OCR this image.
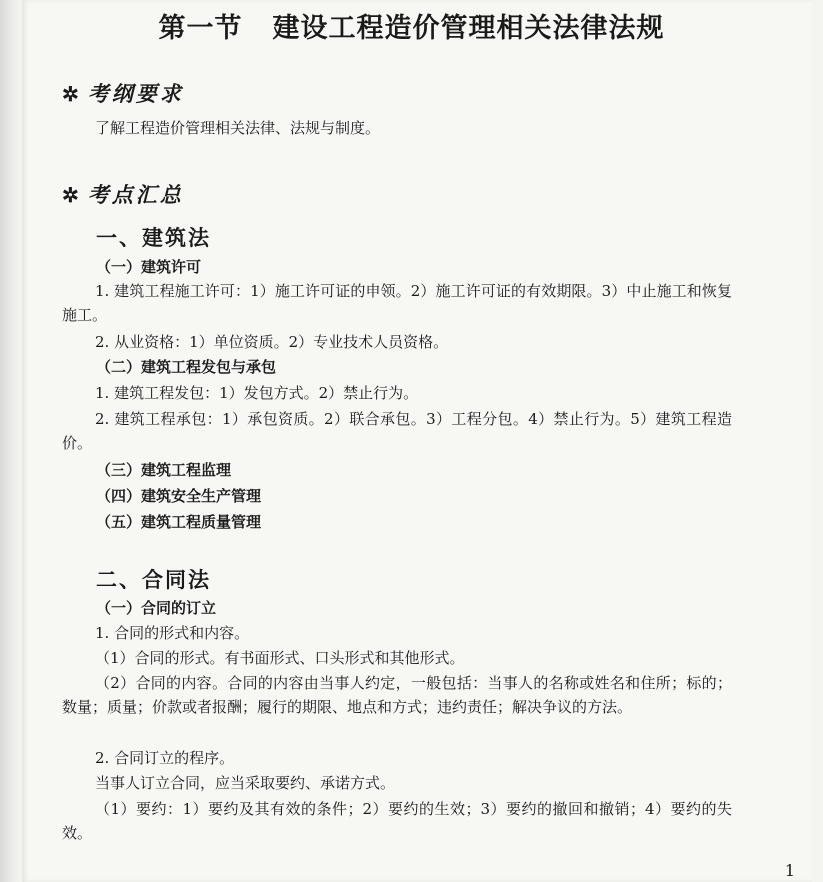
第一节 建设工程造价管理相关法律法规
✲ 考纲要求
了解工程造价管理相关法律、法规与制度。
✲ 考点汇总
一、建筑法
（一）建筑许可
1. 建筑工程施工许可：1）施工许可证的申领。2）施工许可证的有效期限。3）中止施工和恢复施工。
2. 从业资格：1）单位资质。2）专业技术人员资格。
（二）建筑工程发包与承包
1. 建筑工程发包：1）发包方式。2）禁止行为。
2. 建筑工程承包：1）承包资质。2）联合承包。3）工程分包。4）禁止行为。5）建筑工程造价。
（三）建筑工程监理
（四）建筑安全生产管理
（五）建筑工程质量管理
二、合同法
（一）合同的订立
1. 合同的形式和内容。
（1）合同的形式。有书面形式、口头形式和其他形式。
（2）合同的内容。合同的内容由当事人约定，一般包括：当事人的名称或姓名和住所；标的；数量；质量；价款或者报酬；履行的期限、地点和方式；违约责任；解决争议的方法。
2. 合同订立的程序。
当事人订立合同，应当采取要约、承诺方式。
（1）要约：1）要约及其有效的条件；2）要约的生效；3）要约的撤回和撤销；4）要约的失效。
1
